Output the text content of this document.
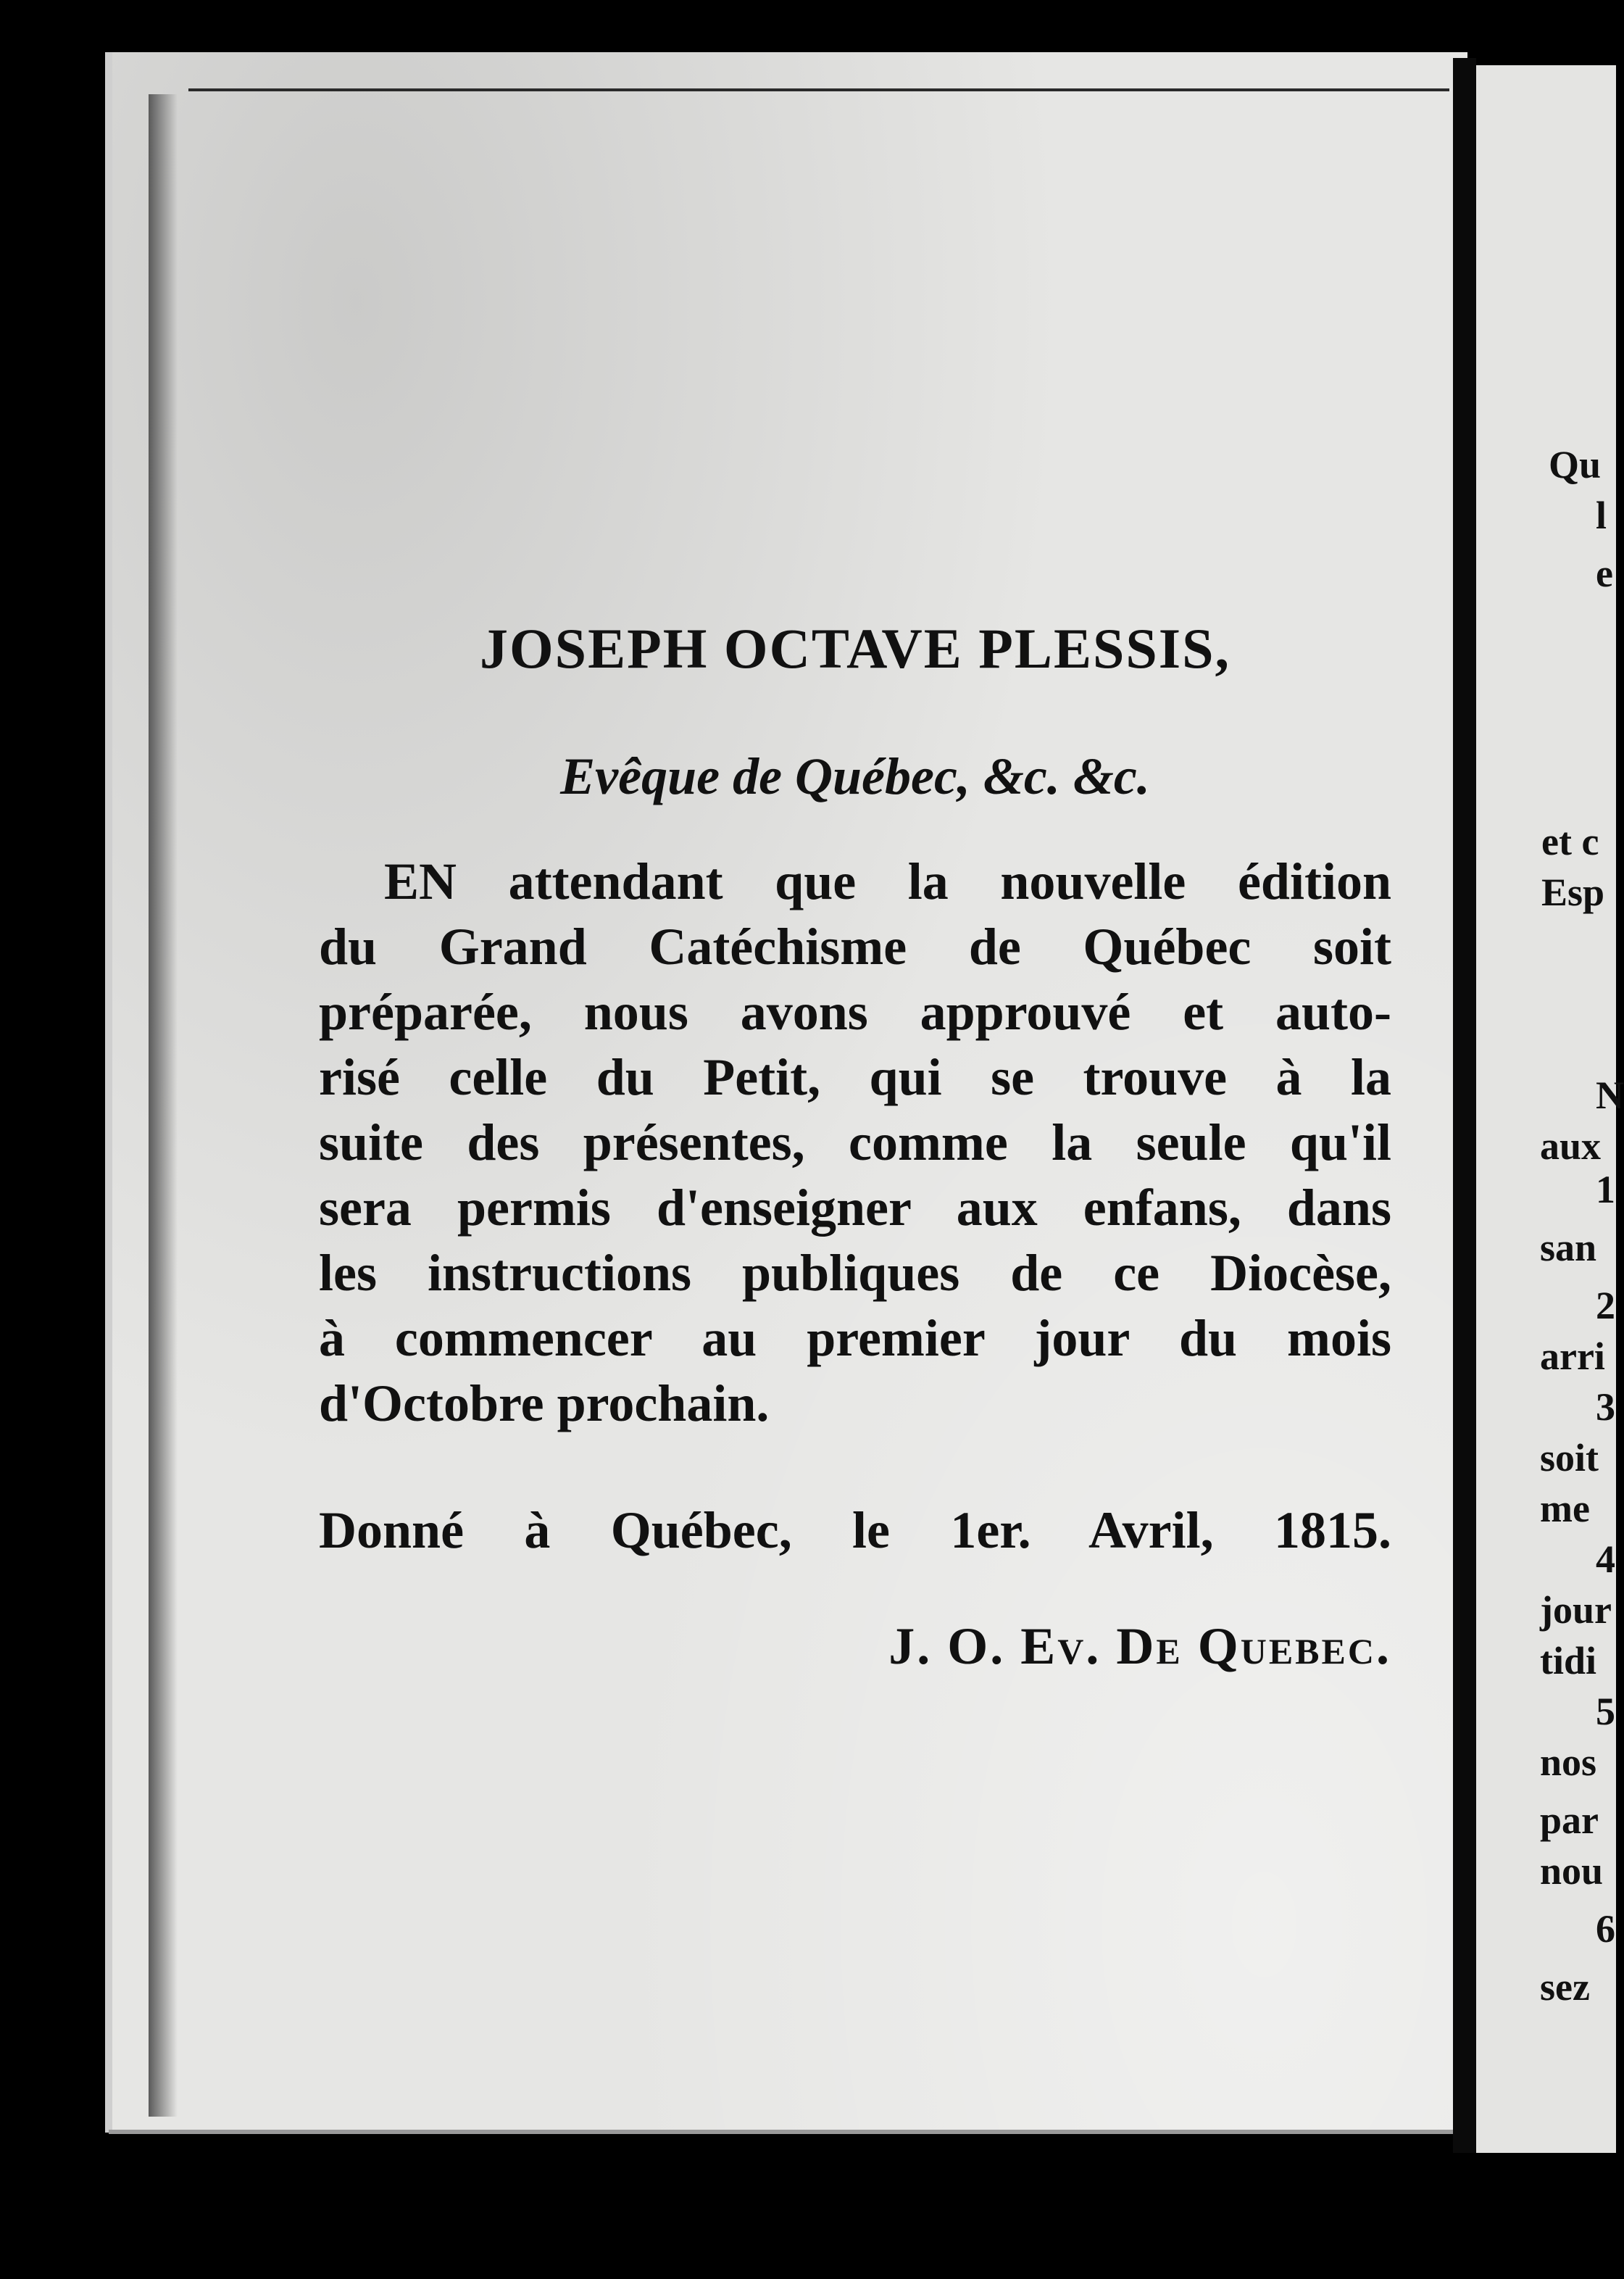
JOSEPH OCTAVE PLESSIS,
Evêque de Québec, &c. &c.
EN attendant que la nouvelle édition
du Grand Catéchisme de Québec soit
préparée, nous avons approuvé et auto-
risé celle du Petit, qui se trouve à la
suite des présentes, comme la seule qu'il
sera permis d'enseigner aux enfans, dans
les instructions publiques de ce Diocèse,
à commencer au premier jour du mois
d'Octobre prochain.
Donné à Québec, le 1er. Avril, 1815.
J. O. Ev. De Quebec.
Qu
l
e
et c
Esp
N
aux
1
san
2
arri
3
soit
me
4
jour
tidi
5
nos
par
nou
6
sez
